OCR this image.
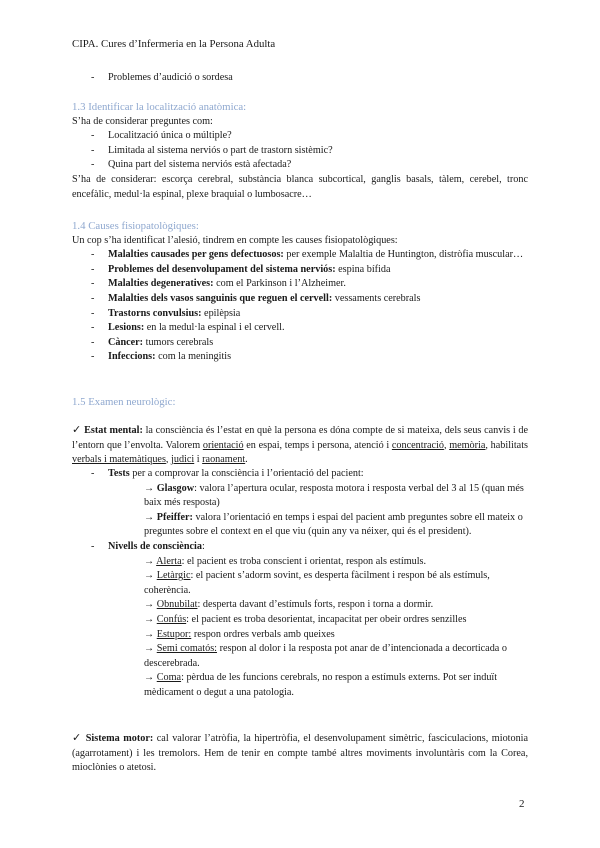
CIPA. Cures d’Infermeria en la Persona Adulta
- Problemes d’audició o sordesa
1.3 Identificar la localització anatòmica:
S’ha de considerar preguntes com:
- Localització única o múltiple?
- Limitada al sistema nerviós o part de trastorn sistèmic?
- Quina part del sistema nerviós està afectada?
S’ha de considerar: escorça cerebral, substància blanca subcortical, ganglis basals, tàlem, cerebel, tronc encefàlic, medul·la espinal, plexe braquial o lumbosacre…
1.4 Causes fisiopatològiques:
Un cop s’ha identificat l’alesió, tindrem en compte les causes fisiopatològiques:
- Malalties causades per gens defectuosos: per exemple Malaltia de Huntington, distròfia muscular…
- Problemes del desenvolupament del sistema nerviós: espina bífida
- Malalties degeneratives: com el Parkinson i l’Alzheimer.
- Malalties dels vasos sanguinis que reguen el cervell: vessaments cerebrals
- Trastorns convulsius: epilèpsia
- Lesions: en la medul·la espinal i el cervell.
- Càncer: tumors cerebrals
- Infeccions: com la meningitis
1.5 Examen neurològic:
✓ Estat mental: la consciència és l’estat en què la persona es dóna compte de si mateixa, dels seus canvis i de l’entorn que l’envolta. Valorem orientació en espai, temps i persona, atenció i concentració, memòria, habilitats verbals i matemàtiques, judici i raonament.
- Tests per a comprovar la consciència i l’orientació del pacient:
→ Glasgow: valora l’apertura ocular, resposta motora i resposta verbal del 3 al 15 (quan més baix més resposta)
→ Pfeiffer: valora l’orientació en temps i espai del pacient amb preguntes sobre ell mateix o preguntes sobre el context en el que viu (quin any va néixer, qui és el president).
- Nivells de consciència:
→ Alerta: el pacient es troba conscient i orientat, respon als estímuls.
→ Letàrgic: el pacient s’adorm sovint, es desperta fàcilment i respon bé als estímuls, coherència.
→ Obnubilat: desperta davant d’estímuls forts, respon i torna a dormir.
→ Confús: el pacient es troba desorientat, incapacitat per obeir ordres senzilles
→ Estupor: respon ordres verbals amb queixes
→ Semi comatós: respon al dolor i la resposta pot anar de d’intencionada a decorticada o descerebrada.
→ Coma: pèrdua de les funcions cerebrals, no respon a estímuls externs. Pot ser induït mèdicament o degut a una patologia.
✓ Sistema motor: cal valorar l’atròfia, la hipertròfia, el desenvolupament simètric, fasciculacions, miotonia (agarrotament) i les tremolors. Hem de tenir en compte també altres moviments involuntàris com la Corea, mioclònies o atetosi.
2
